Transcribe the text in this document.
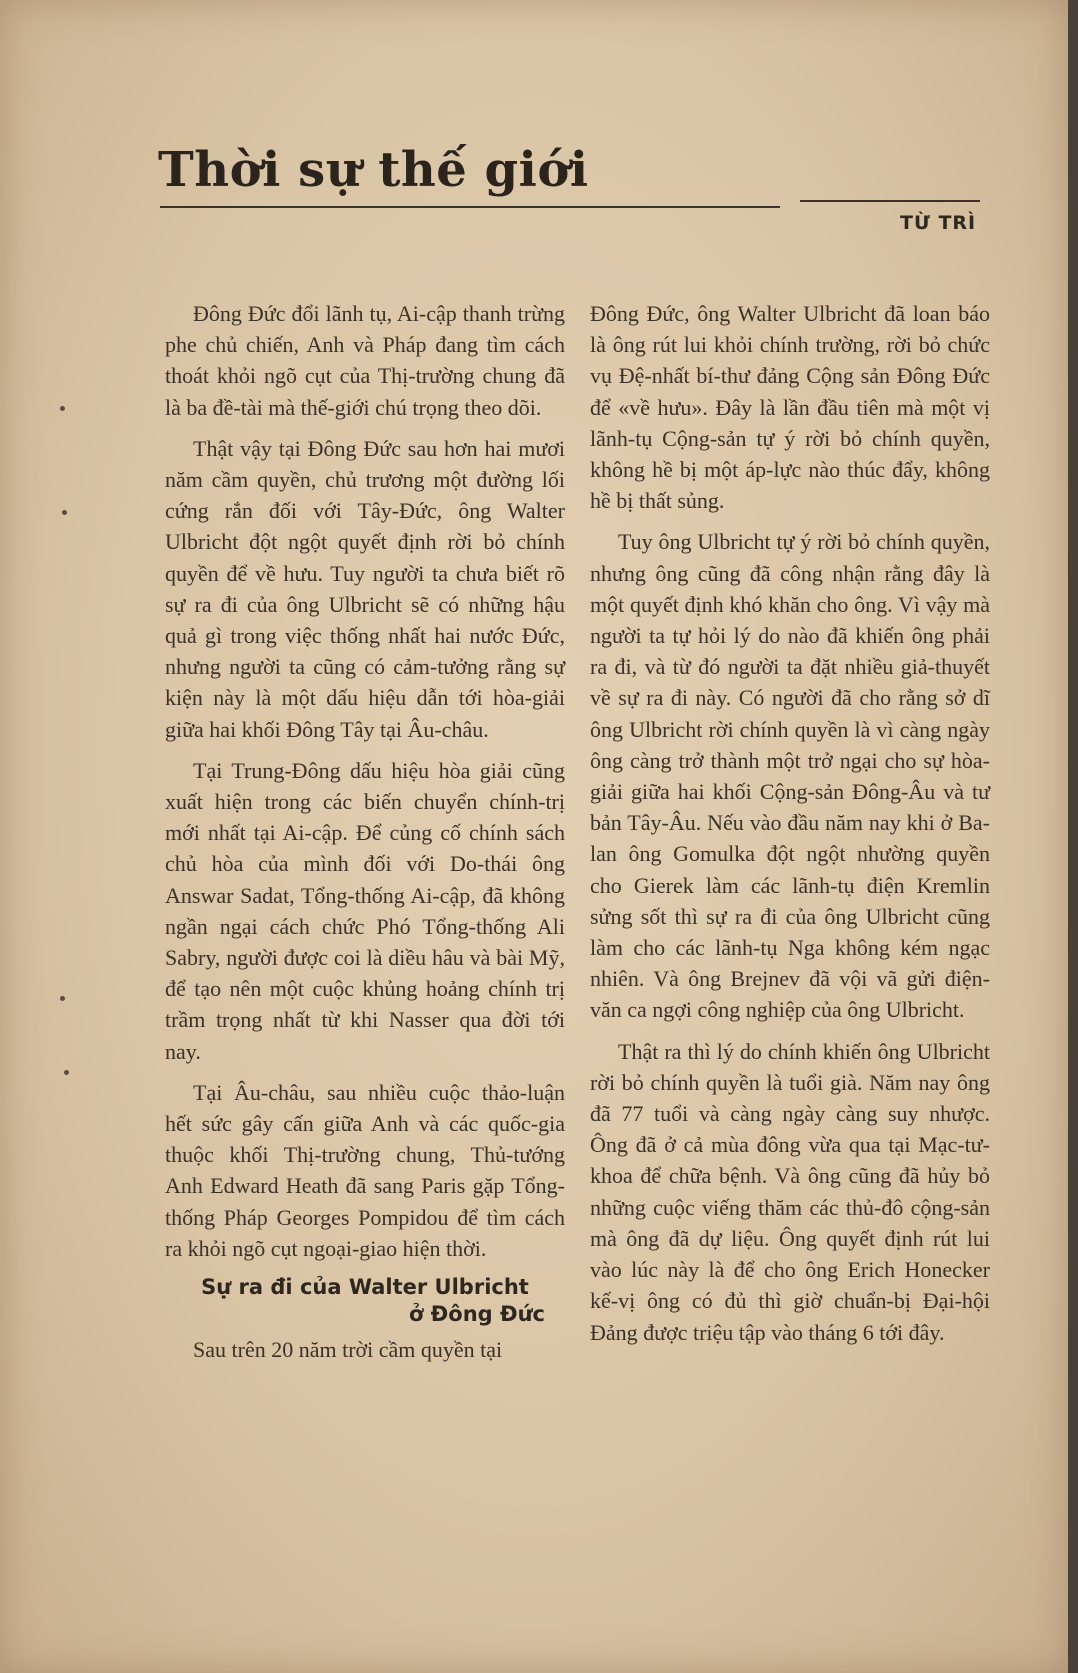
Thời sự thế giới
TỪ TRÌ

Đông Đức đổi lãnh tụ, Ai-cập thanh trừng phe chủ chiến, Anh và Pháp đang tìm cách thoát khỏi ngõ cụt của Thị-trường chung đã là ba đề-tài mà thế-giới chú trọng theo dõi.

Thật vậy tại Đông Đức sau hơn hai mươi năm cầm quyền, chủ trương một đường lối cứng rắn đối với Tây-Đức, ông Walter Ulbricht đột ngột quyết định rời bỏ chính quyền để về hưu. Tuy người ta chưa biết rõ sự ra đi của ông Ulbricht sẽ có những hậu quả gì trong việc thống nhất hai nước Đức, nhưng người ta cũng có cảm-tưởng rằng sự kiện này là một dấu hiệu dẫn tới hòa-giải giữa hai khối Đông Tây tại Âu-châu.

Tại Trung-Đông dấu hiệu hòa giải cũng xuất hiện trong các biến chuyển chính-trị mới nhất tại Ai-cập. Để củng cố chính sách chủ hòa của mình đối với Do-thái ông Answar Sadat, Tổng-thống Ai-cập, đã không ngần ngại cách chức Phó Tổng-thống Ali Sabry, người được coi là diều hâu và bài Mỹ, để tạo nên một cuộc khủng hoảng chính trị trầm trọng nhất từ khi Nasser qua đời tới nay.

Tại Âu-châu, sau nhiều cuộc thảo-luận hết sức gây cấn giữa Anh và các quốc-gia thuộc khối Thị-trường chung, Thủ-tướng Anh Edward Heath đã sang Paris gặp Tổng-thống Pháp Georges Pompidou để tìm cách ra khỏi ngõ cụt ngoại-giao hiện thời.

Sự ra đi của Walter Ulbricht
ở Đông Đức

Sau trên 20 năm trời cầm quyền tại

Đông Đức, ông Walter Ulbricht đã loan báo là ông rút lui khỏi chính trường, rời bỏ chức vụ Đệ-nhất bí-thư đảng Cộng sản Đông Đức để «về hưu». Đây là lần đầu tiên mà một vị lãnh-tụ Cộng-sản tự ý rời bỏ chính quyền, không hề bị một áp-lực nào thúc đẩy, không hề bị thất sủng.

Tuy ông Ulbricht tự ý rời bỏ chính quyền, nhưng ông cũng đã công nhận rằng đây là một quyết định khó khăn cho ông. Vì vậy mà người ta tự hỏi lý do nào đã khiến ông phải ra đi, và từ đó người ta đặt nhiều giả-thuyết về sự ra đi này. Có người đã cho rằng sở dĩ ông Ulbricht rời chính quyền là vì càng ngày ông càng trở thành một trở ngại cho sự hòa-giải giữa hai khối Cộng-sản Đông-Âu và tư bản Tây-Âu. Nếu vào đầu năm nay khi ở Ba-lan ông Gomulka đột ngột nhường quyền cho Gierek làm các lãnh-tụ điện Kremlin sửng sốt thì sự ra đi của ông Ulbricht cũng làm cho các lãnh-tụ Nga không kém ngạc nhiên. Và ông Brejnev đã vội vã gửi điện-văn ca ngợi công nghiệp của ông Ulbricht.

Thật ra thì lý do chính khiến ông Ulbricht rời bỏ chính quyền là tuổi già. Năm nay ông đã 77 tuổi và càng ngày càng suy nhược. Ông đã ở cả mùa đông vừa qua tại Mạc-tư-khoa để chữa bệnh. Và ông cũng đã hủy bỏ những cuộc viếng thăm các thủ-đô cộng-sản mà ông đã dự liệu. Ông quyết định rút lui vào lúc này là để cho ông Erich Honecker kế-vị ông có đủ thì giờ chuẩn-bị Đại-hội Đảng được triệu tập vào tháng 6 tới đây.
